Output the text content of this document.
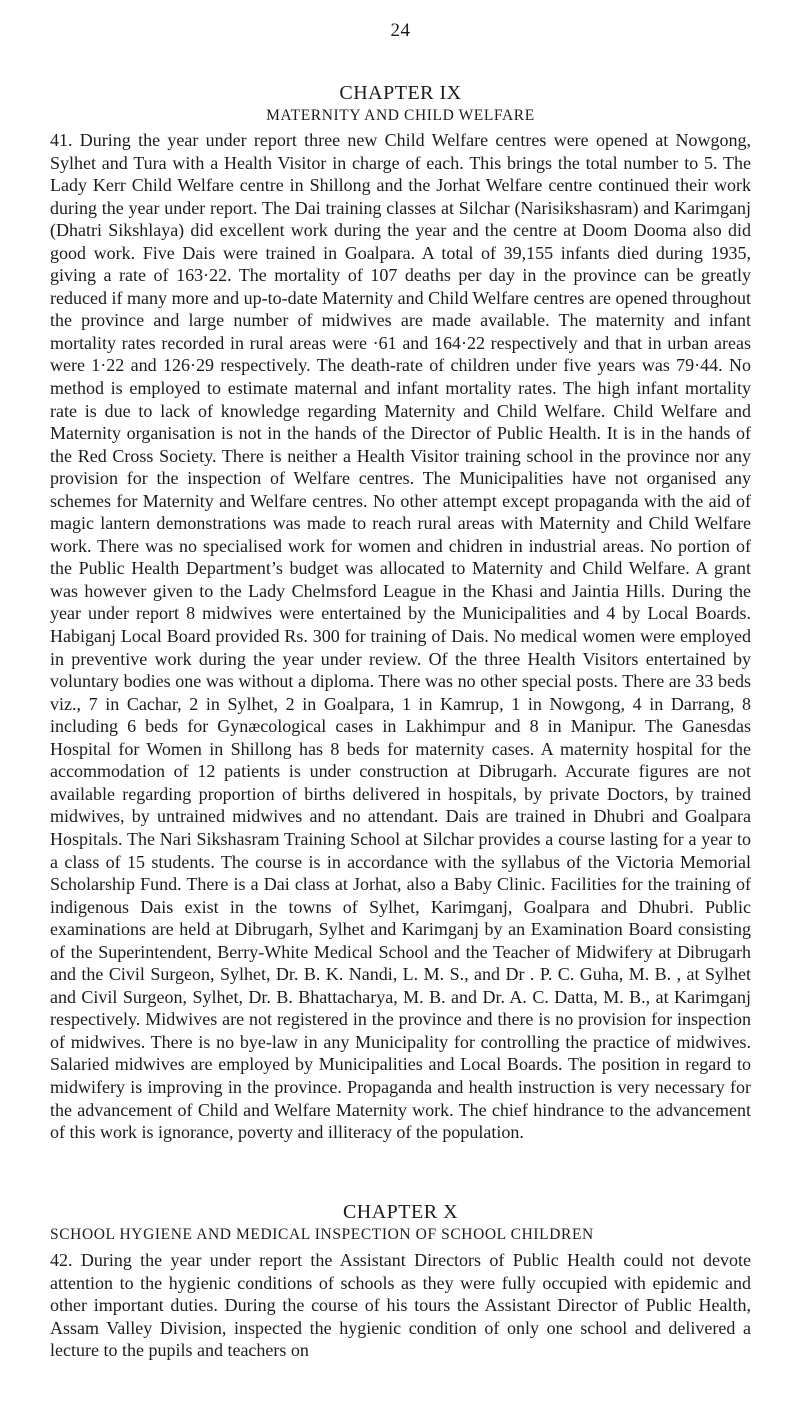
24
CHAPTER IX
MATERNITY AND CHILD WELFARE

41. During the year under report three new Child Welfare centres were opened at Nowgong, Sylhet and Tura with a Health Visitor in charge of each. This brings the total number to 5. The Lady Kerr Child Welfare centre in Shillong and the Jorhat Welfare centre continued their work during the year under report. The Dai training classes at Silchar (Narisikshasram) and Karimganj (Dhatri Sikshlaya) did excellent work during the year and the centre at Doom Dooma also did good work. Five Dais were trained in Goalpara. A total of 39,155 infants died during 1935, giving a rate of 163·22. The mortality of 107 deaths per day in the province can be greatly reduced if many more and up-to-date Maternity and Child Welfare centres are opened throughout the province and large number of midwives are made available. The maternity and infant mortality rates recorded in rural areas were ·61 and 164·22 respectively and that in urban areas were 1·22 and 126·29 respectively. The death-rate of children under five years was 79·44. No method is employed to estimate maternal and infant mortality rates. The high infant mortality rate is due to lack of knowledge regarding Maternity and Child Welfare. Child Welfare and Maternity organisation is not in the hands of the Director of Public Health. It is in the hands of the Red Cross Society. There is neither a Health Visitor training school in the province nor any provision for the inspection of Welfare centres. The Municipalities have not organised any schemes for Maternity and Welfare centres. No other attempt except propaganda with the aid of magic lantern demonstrations was made to reach rural areas with Maternity and Child Welfare work. There was no specialised work for women and chidren in industrial areas. No portion of the Public Health Department’s budget was allocated to Maternity and Child Welfare. A grant was however given to the Lady Chelmsford League in the Khasi and Jaintia Hills. During the year under report 8 midwives were entertained by the Municipalities and 4 by Local Boards. Habiganj Local Board provided Rs. 300 for training of Dais. No medical women were employed in preventive work during the year under review. Of the three Health Visitors entertained by voluntary bodies one was without a diploma. There was no other special posts. There are 33 beds viz., 7 in Cachar, 2 in Sylhet, 2 in Goalpara, 1 in Kamrup, 1 in Nowgong, 4 in Darrang, 8 including 6 beds for Gynæcological cases in Lakhimpur and 8 in Manipur. The Ganesdas Hospital for Women in Shillong has 8 beds for maternity cases. A maternity hospital for the accommodation of 12 patients is under construction at Dibrugarh. Accurate figures are not available regarding proportion of births delivered in hospitals, by private Doctors, by trained midwives, by untrained midwives and no attendant. Dais are trained in Dhubri and Goalpara Hospitals. The Nari Sikshasram Training School at Silchar provides a course lasting for a year to a class of 15 students. The course is in accordance with the syllabus of the Victoria Memorial Scholarship Fund. There is a Dai class at Jorhat, also a Baby Clinic. Facilities for the training of indigenous Dais exist in the towns of Sylhet, Karimganj, Goalpara and Dhubri. Public examinations are held at Dibrugarh, Sylhet and Karimganj by an Examination Board consisting of the Superintendent, Berry-White Medical School and the Teacher of Midwifery at Dibrugarh and the Civil Surgeon, Sylhet, Dr. B. K. Nandi, L. M. S., and Dr . P. C. Guha, M. B. , at Sylhet and Civil Surgeon, Sylhet, Dr. B. Bhattacharya, M. B. and Dr. A. C. Datta, M. B., at Karimganj respectively. Midwives are not registered in the province and there is no provision for inspection of midwives. There is no bye-law in any Municipality for controlling the practice of midwives. Salaried midwives are employed by Municipalities and Local Boards. The position in regard to midwifery is improving in the province. Propaganda and health instruction is very necessary for the advancement of Child and Welfare Maternity work. The chief hindrance to the advancement of this work is ignorance, poverty and illiteracy of the population.

CHAPTER X
SCHOOL HYGIENE AND MEDICAL INSPECTION OF SCHOOL CHILDREN

42. During the year under report the Assistant Directors of Public Health could not devote attention to the hygienic conditions of schools as they were fully occupied with epidemic and other important duties. During the course of his tours the Assistant Director of Public Health, Assam Valley Division, inspected the hygienic condition of only one school and delivered a lecture to the pupils and teachers on
